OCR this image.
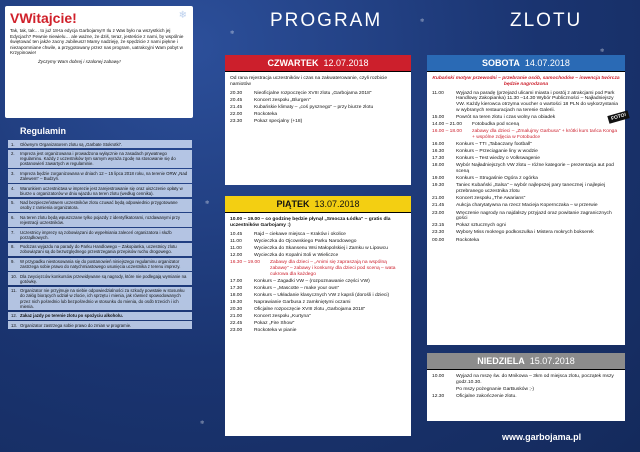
❄
❄
❄
❄
❄
❄
VWitajcie!

Tak, tak, tak… to już 18-ta edycja Garbojamy!!! Ilu z Was było na wszystkich jej Edycjach? Pewnie niewielu… ale ważne, że dziś, teraz, jesteście z nami, by wspólnie świętować ten jakże zacny Jubileusz! Mamy nadzieję, że spędzicie z nami piękne i niezapomniane chwile, a przygotowany przez nas program, uatrakcyjni Wam pobyt w Krzypinowie!

Życzymy Wam dobrej i szalonej zabawy!

Regulamin
1.	Głównym Organizatorem zlotu są „Garbate Stokrotki".
2.	Impreza jest organizowana i prowadzona wyłącznie na zasadach prywatnego regulaminu. Każdy z uczestników tym samym wyraża zgodę na stosowanie się do postanowień zawartych w regulaminie.
3.	Impreza będzie zorganizowana w dniach 12 – 15 lipca 2018 roku, na terenie ORW „Nad Zalewem" – Budzyń.
4.	Warunkiem uczestnictwa w imprezie jest zarejestrowanie się oraz uiszczenie opłaty w biurze u organizatorów w dniu wjazdu na teren zlotu (według cennika).
5.	Nad bezpieczeństwem uczestników zlotu czuwać będą odpowiednio przygotowane osoby z ramienia organizatora.
6.	Na teren zlotu będą wpuszczane tylko pojazdy z identyfikatorami, rozdawanymi przy rejestracji uczestników.
7.	Uczestnicy imprezy są zobowiązani do wypełniania zaleceń organizatora i służb porządkowych.
8.	Podczas wyjazdu na parady do Parku Handlowego – Zakopianka, uczestnicy zlotu zobowiązani są do bezwzględnego przestrzegania przepisów ruchu drogowego.
9.	W przypadku niestosowania się do postanowień niniejszego regulaminu organizator zastrzega sobie prawo do natychmiastowego usunięcia uczestnika z terenu imprezy.
10. Dla zwycięzców konkursów przewidywane są nagrody, które nie podlegają wymianie na gotówkę.
11. Organizator nie przyjmuje na siebie odpowiedzialności za szkody powstałe w stosunku do załóg biorących udział w zlocie, ich sprzętu i mienia, jak również spowodowanych przez nich pośrednio lub bezpośrednio w stosunku do mienia, do osób trzecich i ich mienia.
12. Zakaz jazdy po terenie zlotu po spożyciu alkoholu.
13. Organizator zastrzega sobie prawo do zmian w programie.
PROGRAM	ZLOTU
CZWARTEK 12.07.2018
Od rana rejestracja uczestników i czas na zakwaterowanie, czyli rozbicie namiotów
20.30	Nieoficjalne rozpoczęcie XVIII zlotu „Garbojama 2018"
20.45	Koncert zespołu „Blurgen"
21.45	Kubańskie klimaty – „coś pysznego" – przy biurze zlotu
22.00	Rockoteka
23.30	Pokaz specjalny (+18)
PIĄTEK 13.07.2018
10.00 – 19.00 – co godzinę będzie płynął „Smocza Łódka" – gratis dla uczestników Garbojamy :)
10.45	Rajd – ciekawe miejsca – Kraków i okolice
11.00	Wycieczka do Ojcowskiego Parku Narodowego
11.00	Wycieczka do Skansenu Wsi Małopolskiej i Zamku w Lipowcu
12.00	Wycieczka do Kopalni Soli w Wieliczce
16.30 – 19.00	Zabawy dla dzieci – „Animi się zapraszają na wspólną zabawę" – zabawy i konkursy dla dzieci pod sceną – wata cukrowa dla każdego
17.00	Konkurs – Zagadki VW – (rozpoznawanie części VW)
17.30	Konkurs – „Mascotte – make your own"
18.00	Konkurs – Układanie klasycznych VW z kapsli (dorośli i dzieci)
19.30	Naprawianie Garbusa z zamkniętymi oczami
20.30	Oficjalne rozpoczęcie XVIII zlotu „Garbojama 2018"
21.00	Koncert zespołu „Kurtyna"
22.45	Pokaz „Fire Show"
23.00	Rockoteka w pianie
SOBOTA 14.07.2018
FOTO!
Kubański motyw przewodni – przebranie osób, samochodów – inwencja twórcza będzie nagrodzona
11.00	Wyjazd na paradę (przejazd ulicami miasta i postój z atrakcjami pod Park Handlowy Zakopianka) 11.30 –14.30 Wybór Publiczności – Najładniejszy VW. Każdy kierowca otrzyma voucher o wartości 18 PLN do wykorzystania w wybranych restauracjach na terenie Galerii.
15.00	Powrót na teren zlotu i czas wolny na obiadek
14.00 – 21.00	Fotobudka pod sceną
16.00 – 18.00	zabawy dla dzieci – „Zmalujmy Garbusa" + krótki kurs tańca Konga + wspólne zdjęcia w Fotobudce
16.00	Konkurs – TTI „Tabaczany football"
16.30	Konkurs – Przeciąganie liny w wodzie
17.30	Konkurs – Test wiedzy o Volkswagenie
18.00	Wybór Najładniejszych VW zlotu – różne kategorie – prezentacja aut pod sceną
19.00	Konkurs – Strugaśnie Ogóra z ogórka
19.30	Taniec Kubański „Salsa" – wybór najlepszej pary tanecznej i najlepiej przebranego uczestnika zlotu
21.00	Koncert zespołu „The Awarians"
21.45	Aukcja charytatywna na rzecz Macieja Kopernczaka – w przerwie
23.00	Wręczenie nagrody na najdalszy przyjazd oraz powitanie zagranicznych gości
23.15	Pokaz sztucznych ogni
23.30	Wybory Miss mokrego podkoszulka i Mistera mokrych bokserek
00.00	Rockoteka
NIEDZIELA 15.07.2018
10.00	Wyjazd na mszę św. do Mnikowa – 3km od miejsca zlotu, początek mszy godz.10.30.
Po mszy pożegnanie GarBusków ;-)
12.30	Oficjalne zakończenie zlotu.
www.garbojama.pl
